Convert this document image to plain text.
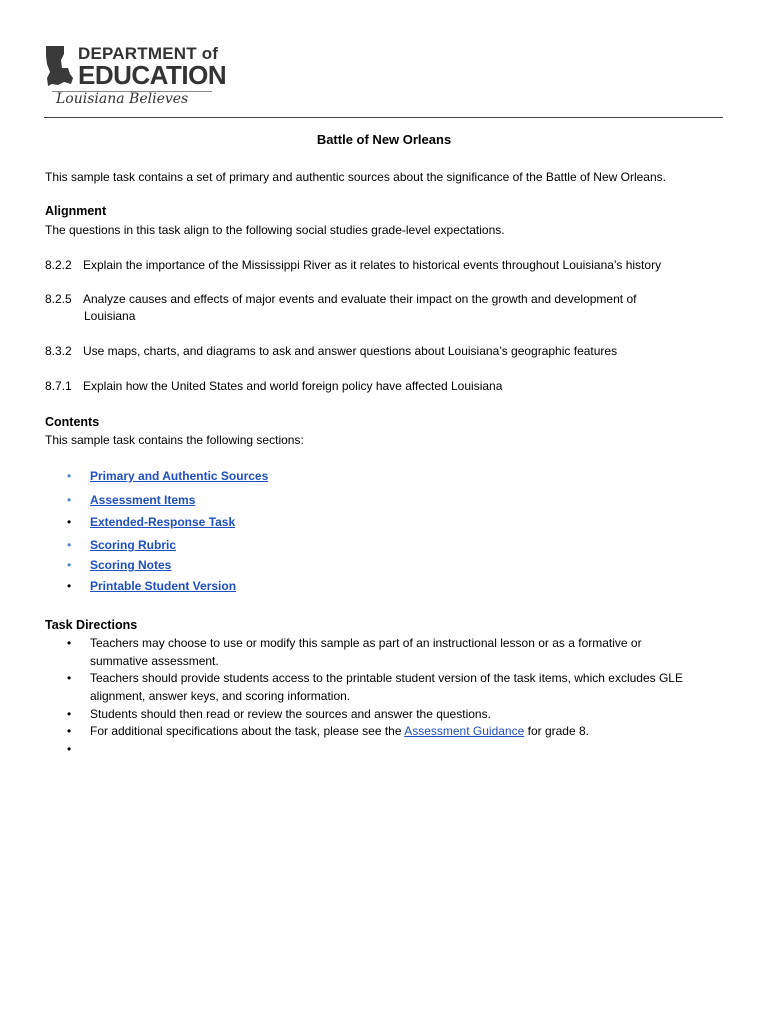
DEPARTMENT of
EDUCATION
Louisiana Believes
Battle of New Orleans
This sample task contains a set of primary and authentic sources about the significance of the Battle of New Orleans.
Alignment
The questions in this task align to the following social studies grade-level expectations.
8.2.2 Explain the importance of the Mississippi River as it relates to historical events throughout Louisiana’s history
8.2.5 Analyze causes and effects of major events and evaluate their impact on the growth and development of
Louisiana
8.3.2 Use maps, charts, and diagrams to ask and answer questions about Louisiana’s geographic features
8.7.1 Explain how the United States and world foreign policy have affected Louisiana
Contents
This sample task contains the following sections:
• Primary and Authentic Sources
• Assessment Items
• Extended-Response Task
• Scoring Rubric
• Scoring Notes
• Printable Student Version
Task Directions
• Teachers may choose to use or modify this sample as part of an instructional lesson or as a formative or
summative assessment.
• Teachers should provide students access to the printable student version of the task items, which excludes GLE
alignment, answer keys, and scoring information.
• Students should then read or review the sources and answer the questions.
• For additional specifications about the task, please see the Assessment Guidance for grade 8.
•
